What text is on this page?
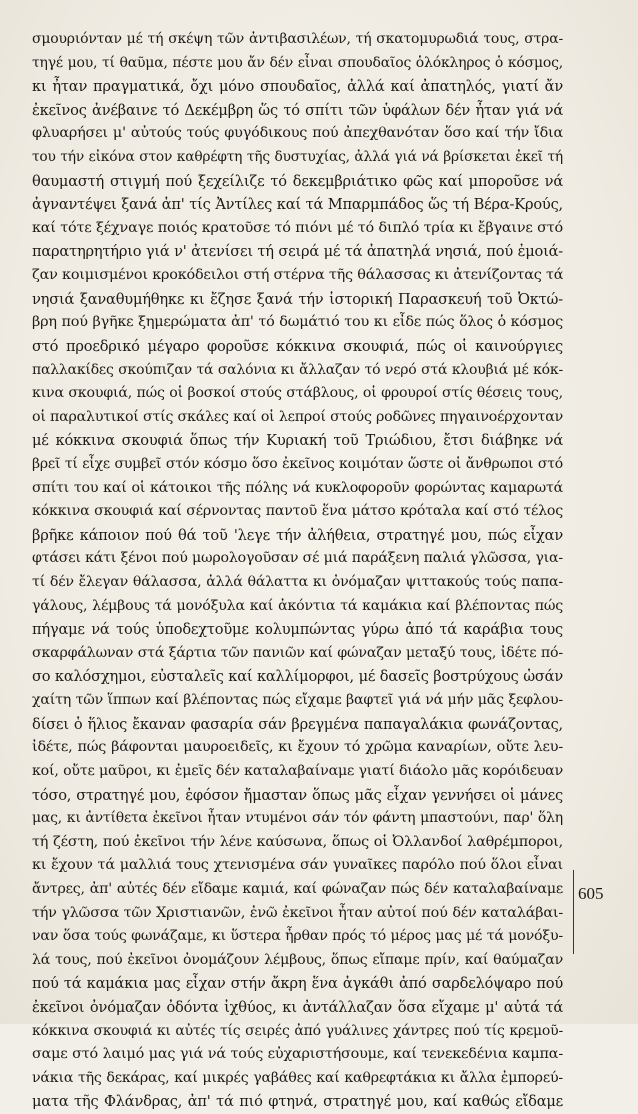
σμουριόνταν μέ τή σκέψη τῶν ἀντιβασιλέων, τή σκατομυρωδιά τους, στρα-
τηγέ μου, τί θαῦμα, πέστε μου ἄν δέν εἶναι σπουδαῖος ὁλόκληρος ὁ κόσμος,
κι ἦταν πραγματικά, ὄχι μόνο σπουδαῖος, ἀλλά καί ἀπατηλός, γιατί ἄν
ἐκεῖνος ἀνέβαινε τό Δεκέμβρη ὥς τό σπίτι τῶν ὑφάλων δέν ἦταν γιά νά
φλυαρήσει μ' αὐτούς τούς φυγόδικους πού ἀπεχθανόταν ὅσο καί τήν ἴδια
του τήν εἰκόνα στον καθρέφτη τῆς δυστυχίας, ἀλλά γιά νά βρίσκεται ἐκεῖ τή
θαυμαστή στιγμή πού ξεχείλιζε τό δεκεμβριάτικο φῶς καί μποροῦσε νά
ἀγναντέψει ξανά ἀπ' τίς Ἀντίλες καί τά Μπαρμπάδος ὥς τή Βέρα-Κρούς,
καί τότε ξέχναγε ποιός κρατοῦσε τό πιόνι μέ τό διπλό τρία κι ἔβγαινε στό
παρατηρητήριο γιά ν' ἀτενίσει τή σειρά μέ τά ἀπατηλά νησιά, πού ἐμοιά-
ζαν κοιμισμένοι κροκόδειλοι στή στέρνα τῆς θάλασσας κι ἀτενίζοντας τά
νησιά ξαναθυμήθηκε κι ἔζησε ξανά τήν ἱστορική Παρασκευή τοῦ Ὀκτώ-
βρη πού βγῆκε ξημερώματα ἀπ' τό δωμάτιό του κι εἶδε πώς ὅλος ὁ κόσμος
στό προεδρικό μέγαρο φοροῦσε κόκκινα σκουφιά, πώς οἱ καινούργιες
παλλακίδες σκούπιζαν τά σαλόνια κι ἄλλαζαν τό νερό στά κλουβιά μέ κόκ-
κινα σκουφιά, πώς οἱ βοσκοί στούς στάβλους, οἱ φρουροί στίς θέσεις τους,
οἱ παραλυτικοί στίς σκάλες καί οἱ λεπροί στούς ροδῶνες πηγαινοέρχονταν
μέ κόκκινα σκουφιά ὅπως τήν Κυριακή τοῦ Τριώδιου, ἔτσι διάβηκε νά
βρεῖ τί εἶχε συμβεῖ στόν κόσμο ὅσο ἐκεῖνος κοιμόταν ὥστε οἱ ἄνθρωποι στό
σπίτι του καί οἱ κάτοικοι τῆς πόλης νά κυκλοφοροῦν φορώντας καμαρωτά
κόκκινα σκουφιά καί σέρνοντας παντοῦ ἕνα μάτσο κρόταλα καί στό τέλος
βρῆκε κάποιον πού θά τοῦ 'λεγε τήν ἀλήθεια, στρατηγέ μου, πώς εἶχαν
φτάσει κάτι ξένοι πού μωρολογοῦσαν σέ μιά παράξενη παλιά γλῶσσα, για-
τί δέν ἔλεγαν θάλασσα, ἀλλά θάλαττα κι ὀνόμαζαν ψιττακούς τούς παπα-
γάλους, λέμβους τά μονόξυλα καί ἀκόντια τά καμάκια καί βλέποντας πώς
πήγαμε νά τούς ὑποδεχτοῦμε κολυμπώντας γύρω ἀπό τά καράβια τους
σκαρφάλωναν στά ξάρτια τῶν πανιῶν καί φώναζαν μεταξύ τους, ἰδέτε πό-
σο καλόσχημοι, εὐσταλεῖς καί καλλίμορφοι, μέ δασεῖς βοστρύχους ὡσάν
χαίτη τῶν ἵππων καί βλέποντας πώς εἴχαμε βαφτεῖ γιά νά μήν μᾶς ξεφλου-
δίσει ὁ ἥλιος ἔκαναν φασαρία σάν βρεγμένα παπαγαλάκια φωνάζοντας,
ἰδέτε, πώς βάφονται μαυροειδεῖς, κι ἔχουν τό χρῶμα καναρίων, οὔτε λευ-
κοί, οὔτε μαῦροι, κι ἐμεῖς δέν καταλαβαίναμε γιατί διάολο μᾶς κορόιδευαν
τόσο, στρατηγέ μου, ἐφόσον ἤμασταν ὅπως μᾶς εἶχαν γεννήσει οἱ μάνες
μας, κι ἀντίθετα ἐκεῖνοι ἦταν ντυμένοι σάν τόν φάντη μπαστούνι, παρ' ὅλη
τή ζέστη, πού ἐκεῖνοι τήν λένε καύσωνα, ὅπως οἱ Ὀλλανδοί λαθρέμποροι,
κι ἔχουν τά μαλλιά τους χτενισμένα σάν γυναῖκες παρόλο πού ὅλοι εἶναι
ἄντρες, ἀπ' αὐτές δέν εἴδαμε καμιά, καί φώναζαν πώς δέν καταλαβαίναμε
τήν γλῶσσα τῶν Χριστιανῶν, ἐνῶ ἐκεῖνοι ἦταν αὐτοί πού δέν καταλάβαι-
ναν ὅσα τούς φωνάζαμε, κι ὕστερα ἦρθαν πρός τό μέρος μας μέ τά μονόξυ-
λά τους, πού ἐκεῖνοι ὀνομάζουν λέμβους, ὅπως εἴπαμε πρίν, καί θαύμαζαν
πού τά καμάκια μας εἶχαν στήν ἄκρη ἕνα ἀγκάθι ἀπό σαρδελόψαρο πού
ἐκεῖνοι ὀνόμαζαν ὀδόντα ἰχθύος, κι ἀντάλλαζαν ὅσα εἴχαμε μ' αὐτά τά
κόκκινα σκουφιά κι αὐτές τίς σειρές ἀπό γυάλινες χάντρες πού τίς κρεμοῦ-
σαμε στό λαιμό μας γιά νά τούς εὐχαριστήσουμε, καί τενεκεδένια καμπα-
νάκια τῆς δεκάρας, καί μικρές γαβάθες καί καθρεφτάκια κι ἄλλα ἐμπορεύ-
ματα τῆς Φλάνδρας, ἀπ' τά πιό φτηνά, στρατηγέ μου, καί καθώς εἴδαμε
605
